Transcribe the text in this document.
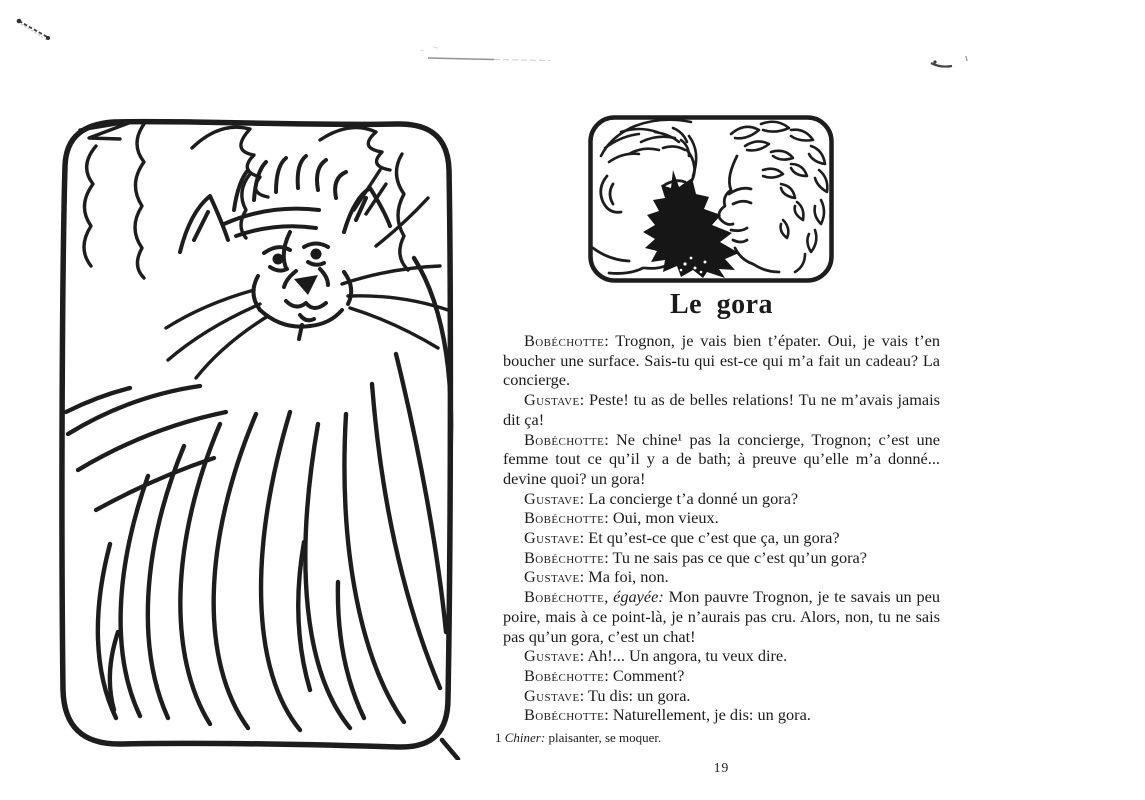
Le gora

Bobéchotte: Trognon, je vais bien t’épater. Oui, je vais t’en boucher une surface. Sais-tu qui est-ce qui m’a fait un cadeau? La concierge.

Gustave: Peste! tu as de belles relations! Tu ne m’avais jamais dit ça!

Bobéchotte: Ne chine¹ pas la concierge, Trognon; c’est une femme tout ce qu’il y a de bath; à preuve qu’elle m’a donné... devine quoi? un gora!

Gustave: La concierge t’a donné un gora?

Bobéchotte: Oui, mon vieux.

Gustave: Et qu’est-ce que c’est que ça, un gora?

Bobéchotte: Tu ne sais pas ce que c’est qu’un gora?

Gustave: Ma foi, non.

Bobéchotte, égayée: Mon pauvre Trognon, je te savais un peu poire, mais à ce point-là, je n’aurais pas cru. Alors, non, tu ne sais pas qu’un gora, c’est un chat!

Gustave: Ah!... Un angora, tu veux dire.

Bobéchotte: Comment?

Gustave: Tu dis: un gora.

Bobéchotte: Naturellement, je dis: un gora.

1 Chiner: plaisanter, se moquer.
19
